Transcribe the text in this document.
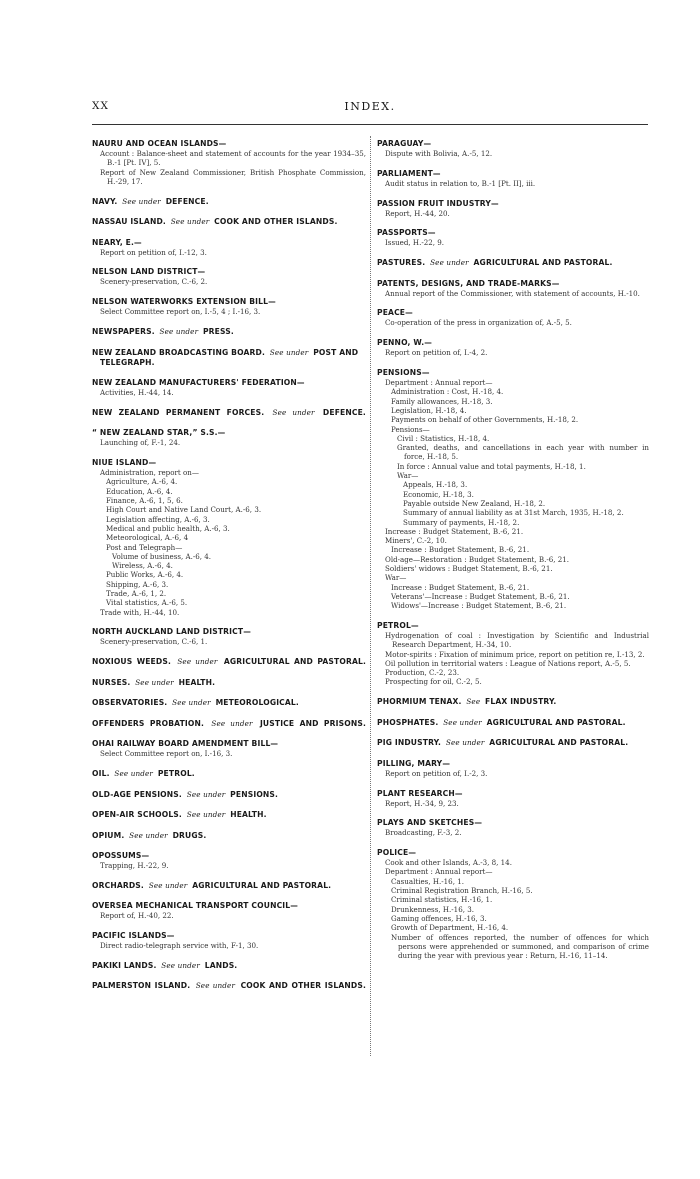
XX	INDEX.
NAURU AND OCEAN ISLANDS—
Account : Balance-sheet and statement of accounts for the year 1934–35, B.-1 [Pt. IV], 5.
Report of New Zealand Commissioner, British Phosphate Commission, H.-29, 17.
NAVY. See under DEFENCE.
NASSAU ISLAND. See under COOK AND OTHER ISLANDS.
NEARY, E.—
Report on petition of, I.-12, 3.
NELSON LAND DISTRICT—
Scenery-preservation, C.-6, 2.
NELSON WATERWORKS EXTENSION BILL—
Select Committee report on, I.-5, 4 ; I.-16, 3.
NEWSPAPERS. See under PRESS.
NEW ZEALAND BROADCASTING BOARD. See under POST AND TELEGRAPH.
NEW ZEALAND MANUFACTURERS' FEDERATION—
Activities, H.-44, 14.
NEW ZEALAND PERMANENT FORCES. See under DEFENCE.
“ NEW ZEALAND STAR,” S.S.—
Launching of, F.-1, 24.
NIUE ISLAND—
Administration, report on—
Agriculture, A.-6, 4.
Education, A.-6, 4.
Finance, A.-6, 1, 5, 6.
High Court and Native Land Court, A.-6, 3.
Legislation affecting, A.-6, 3.
Medical and public health, A.-6, 3.
Meteorological, A.-6, 4
Post and Telegraph—
Volume of business, A.-6, 4.
Wireless, A.-6, 4.
Public Works, A.-6, 4.
Shipping, A.-6, 3.
Trade, A.-6, 1, 2.
Vital statistics, A.-6, 5.
Trade with, H.-44, 10.
NORTH AUCKLAND LAND DISTRICT—
Scenery-preservation, C.-6, 1.
NOXIOUS WEEDS. See under AGRICULTURAL AND PASTORAL.
NURSES. See under HEALTH.
OBSERVATORIES. See under METEOROLOGICAL.
OFFENDERS PROBATION. See under JUSTICE AND PRISONS.
OHAI RAILWAY BOARD AMENDMENT BILL—
Select Committee report on, I.-16, 3.
OIL. See under PETROL.
OLD-AGE PENSIONS. See under PENSIONS.
OPEN-AIR SCHOOLS. See under HEALTH.
OPIUM. See under DRUGS.
OPOSSUMS—
Trapping, H.-22, 9.
ORCHARDS. See under AGRICULTURAL AND PASTORAL.
OVERSEA MECHANICAL TRANSPORT COUNCIL—
Report of, H.-40, 22.
PACIFIC ISLANDS—
Direct radio-telegraph service with, F-1, 30.
PAKIKI LANDS. See under LANDS.
PALMERSTON ISLAND. See under COOK AND OTHER ISLANDS.
PARAGUAY—
Dispute with Bolivia, A.-5, 12.
PARLIAMENT—
Audit status in relation to, B.-1 [Pt. II], iii.
PASSION FRUIT INDUSTRY—
Report, H.-44, 20.
PASSPORTS—
Issued, H.-22, 9.
PASTURES. See under AGRICULTURAL AND PASTORAL.
PATENTS, DESIGNS, AND TRADE-MARKS—
Annual report of the Commissioner, with statement of accounts, H.-10.
PEACE—
Co-operation of the press in organization of, A.-5, 5.
PENNO, W.—
Report on petition of, I.-4, 2.
PENSIONS—
Department : Annual report—
Administration : Cost, H.-18, 4.
Family allowances, H.-18, 3.
Legislation, H.-18, 4.
Payments on behalf of other Governments, H.-18, 2.
Pensions—
Civil : Statistics, H.-18, 4.
Granted, deaths, and cancellations in each year with number in force, H.-18, 5.
In force : Annual value and total payments, H.-18, 1.
War—
Appeals, H.-18, 3.
Economic, H.-18, 3.
Payable outside New Zealand, H.-18, 2.
Summary of annual liability as at 31st March, 1935, H.-18, 2.
Summary of payments, H.-18, 2.
Increase : Budget Statement, B.-6, 21.
Miners', C.-2, 10.
Increase : Budget Statement, B.-6, 21.
Old-age—Restoration : Budget Statement, B.-6, 21.
Soldiers' widows : Budget Statement, B.-6, 21.
War—
Increase : Budget Statement, B.-6, 21.
Veterans'—Increase : Budget Statement, B.-6, 21.
Widows'—Increase : Budget Statement, B.-6, 21.
PETROL—
Hydrogenation of coal : Investigation by Scientific and Industrial Research Department, H.-34, 10.
Motor-spirits : Fixation of minimum price, report on petition re, I.-13, 2.
Oil pollution in territorial waters : League of Nations report, A.-5, 5.
Production, C.-2, 23.
Prospecting for oil, C.-2, 5.
PHORMIUM TENAX. See FLAX INDUSTRY.
PHOSPHATES. See under AGRICULTURAL AND PASTORAL.
PIG INDUSTRY. See under AGRICULTURAL AND PASTORAL.
PILLING, MARY—
Report on petition of, I.-2, 3.
PLANT RESEARCH—
Report, H.-34, 9, 23.
PLAYS AND SKETCHES—
Broadcasting, F.-3, 2.
POLICE—
Cook and other Islands, A.-3, 8, 14.
Department : Annual report—
Casualties, H.-16, 1.
Criminal Registration Branch, H.-16, 5.
Criminal statistics, H.-16, 1.
Drunkenness, H.-16, 3.
Gaming offences, H.-16, 3.
Growth of Department, H.-16, 4.
Number of offences reported, the number of offences for which persons were apprehended or summoned, and comparison of crime during the year with previous year : Return, H.-16, 11–14.
